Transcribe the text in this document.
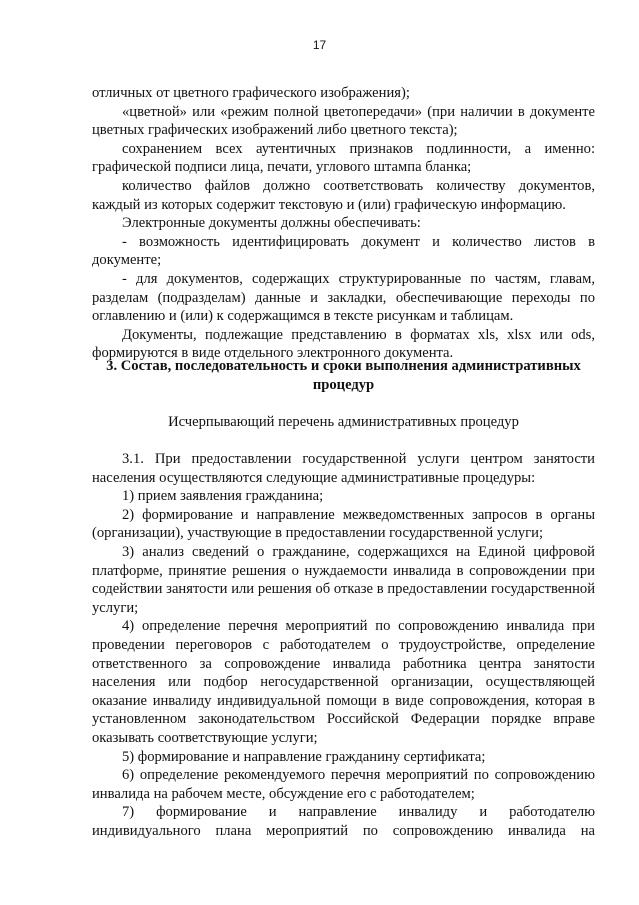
17

отличных от цветного графического изображения);

«цветной» или «режим полной цветопередачи» (при наличии в документе цветных графических изображений либо цветного текста);

сохранением всех аутентичных признаков подлинности, а именно: графической подписи лица, печати, углового штампа бланка;

количество файлов должно соответствовать количеству документов, каждый из которых содержит текстовую и (или) графическую информацию.

Электронные документы должны обеспечивать:

- возможность идентифицировать документ и количество листов в документе;

- для документов, содержащих структурированные по частям, главам, разделам (подразделам) данные и закладки, обеспечивающие переходы по оглавлению и (или) к содержащимся в тексте рисункам и таблицам.

Документы, подлежащие представлению в форматах xls, xlsx или ods, формируются в виде отдельного электронного документа.

3. Состав, последовательность и сроки выполнения административных процедур
Исчерпывающий перечень административных процедур

3.1. При предоставлении государственной услуги центром занятости населения осуществляются следующие административные процедуры:

1) прием заявления гражданина;

2) формирование и направление межведомственных запросов в органы (организации), участвующие в предоставлении государственной услуги;

3) анализ сведений о гражданине, содержащихся на Единой цифровой платформе, принятие решения о нуждаемости инвалида в сопровождении при содействии занятости или решения об отказе в предоставлении государственной услуги;

4) определение перечня мероприятий по сопровождению инвалида при проведении переговоров с работодателем о трудоустройстве, определение ответственного за сопровождение инвалида работника центра занятости населения или подбор негосударственной организации, осуществляющей оказание инвалиду индивидуальной помощи в виде сопровождения, которая в установленном законодательством Российской Федерации порядке вправе оказывать соответствующие услуги;

5) формирование и направление гражданину сертификата;

6) определение рекомендуемого перечня мероприятий по сопровождению инвалида на рабочем месте, обсуждение его с работодателем;

7) формирование и направление инвалиду и работодателю индивидуального плана мероприятий по сопровождению инвалида на
